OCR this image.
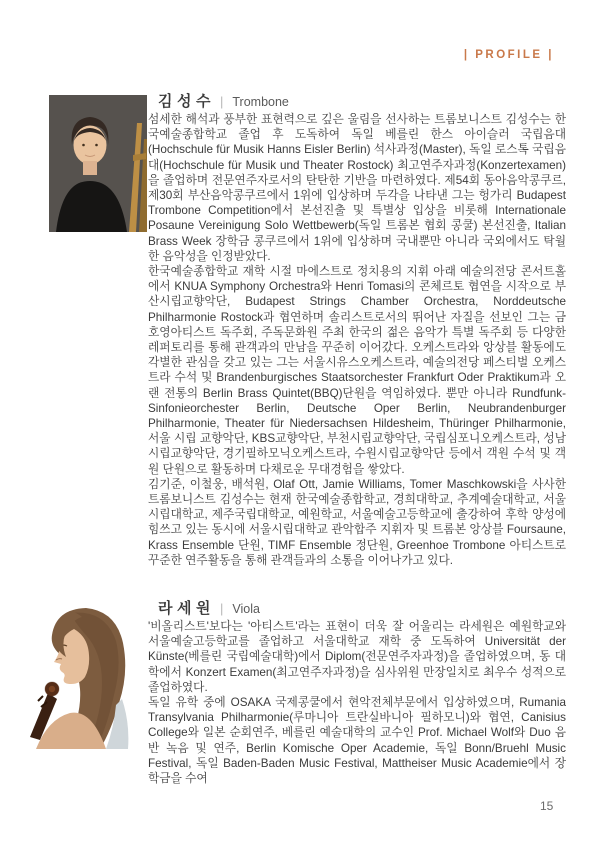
| PROFILE |
김성수 | Trombone

섬세한 해석과 풍부한 표현력으로 깊은 울림을 선사하는 트롬보니스트 김성수는 한국예술종합학교 졸업 후 도독하여 독일 베를린 한스 아이슬러 국립음대(Hochschule für Musik Hanns Eisler Berlin) 석사과정(Master), 독일 로스톡 국립음대(Hochschule für Musik und Theater Rostock) 최고연주자과정(Konzertexamen)을 졸업하며 전문연주자로서의 탄탄한 기반을 마련하였다. 제54회 동아음악콩쿠르, 제30회 부산음악콩쿠르에서 1위에 입상하며 두각을 나타낸 그는 헝가리 Budapest Trombone Competition에서 본선진출 및 특별상 입상을 비롯해 Internationale Posaune Vereinigung Solo Wettbewerb(독일 트롬본 협회 콩쿨) 본선진출, Italian Brass Week 장학금 콩쿠르에서 1위에 입상하며 국내뿐만 아니라 국외에서도 탁월한 음악성을 인정받았다.

한국예술종합학교 재학 시절 마에스트로 정치용의 지휘 아래 예술의전당 콘서트홀에서 KNUA Symphony Orchestra와 Henri Tomasi의 콘체르토 협연을 시작으로 부산시립교향악단, Budapest Strings Chamber Orchestra, Norddeutsche Philharmonie Rostock과 협연하며 솔리스트로서의 뛰어난 자질을 선보인 그는 금호영아티스트 독주회, 주독문화원 주최 한국의 젊은 음악가 특별 독주회 등 다양한 레퍼토리를 통해 관객과의 만남을 꾸준히 이어갔다. 오케스트라와 앙상블 활동에도 각별한 관심을 갖고 있는 그는 서울시유스오케스트라, 예술의전당 페스티벌 오케스트라 수석 및 Brandenburgisches Staatsorchester Frankfurt Oder Praktikum과 오랜 전통의 Berlin Brass Quintet(BBQ)단원을 역임하였다. 뿐만 아니라 Rundfunk-Sinfonieorchester Berlin, Deutsche Oper Berlin, Neubrandenburger Philharmonie, Theater für Niedersachsen Hildesheim, Thüringer Philharmonie, 서울 시립 교향악단, KBS교향악단, 부천시립교향악단, 국립심포니오케스트라, 성남 시립교향악단, 경기필하모닉오케스트라, 수원시립교향악단 등에서 객원 수석 및 객원 단원으로 활동하며 다채로운 무대경험을 쌓았다.

김기준, 이철웅, 배석원, Olaf Ott, Jamie Williams, Tomer Maschkowski을 사사한 트롬보니스트 김성수는 현재 한국예술종합학교, 경희대학교, 추계예술대학교, 서울시립대학교, 제주국립대학교, 예원학교, 서울예술고등학교에 출강하여 후학 양성에 힘쓰고 있는 동시에 서울시립대학교 관악합주 지휘자 및 트롬본 앙상블 Foursaune, Krass Ensemble 단원, TIMF Ensemble 정단원, Greenhoe Trombone 아티스트로 꾸준한 연주활동을 통해 관객들과의 소통을 이어나가고 있다.

라세원 | Viola

'비올리스트'보다는 '아티스트'라는 표현이 더욱 잘 어울리는 라세원은 예원학교와 서울예술고등학교를 졸업하고 서울대학교 재학 중 도독하여 Universität der Künste(베를린 국립예술대학)에서 Diplom(전문연주자과정)을 졸업하였으며, 동 대학에서 Konzert Examen(최고연주자과정)을 심사위원 만장일치로 최우수 성적으로 졸업하였다.

독일 유학 중에 OSAKA 국제콩쿨에서 현악전체부문에서 입상하였으며, Rumania Transylvania Philharmonie(루마니아 트란실바니아 필하모니)와 협연, Canisius College와 일본 순회연주, 베를린 예술대학의 교수인 Prof. Michael Wolf와 Duo 음반 녹음 및 연주, Berlin Komische Oper Academie, 독일 Bonn/Bruehl Music Festival, 독일 Baden-Baden Music Festival, Mattheiser Music Academie에서 장학금을 수여

15
